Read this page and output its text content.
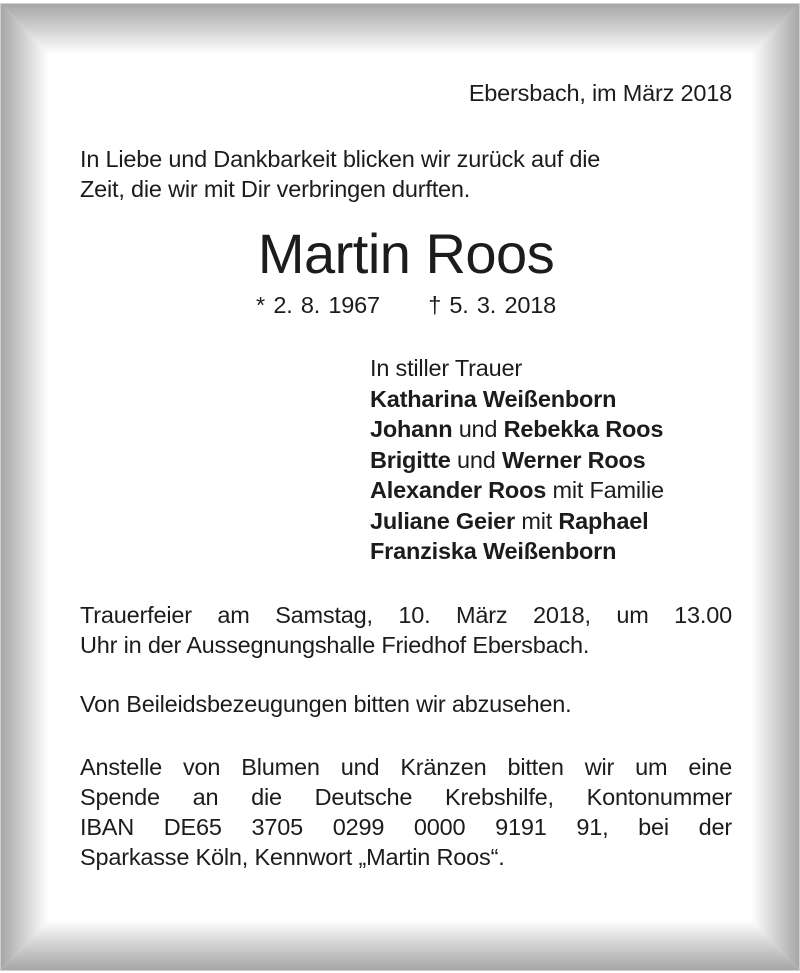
Ebersbach, im März 2018

In Liebe und Dankbarkeit blicken wir zurück auf die
Zeit, die wir mit Dir verbringen durften.

Martin Roos

* 2. 8. 1967 † 5. 3. 2018

In stiller Trauer
Katharina Weißenborn
Johann und Rebekka Roos
Brigitte und Werner Roos
Alexander Roos mit Familie
Juliane Geier mit Raphael
Franziska Weißenborn

Trauerfeier am Samstag, 10. März 2018, um 13.00
Uhr in der Aussegnungshalle Friedhof Ebersbach.

Von Beileidsbezeugungen bitten wir abzusehen.

Anstelle von Blumen und Kränzen bitten wir um eine
Spende an die Deutsche Krebshilfe, Kontonummer
IBAN DE65 3705 0299 0000 9191 91, bei der
Sparkasse Köln, Kennwort „Martin Roos“.
